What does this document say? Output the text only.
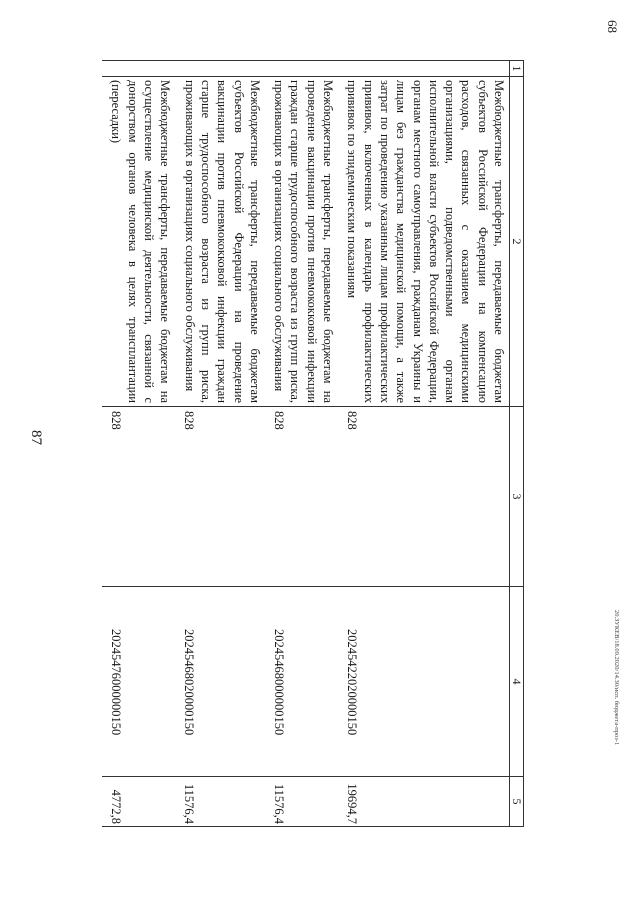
68
20.ЗУКЕВ/18.09.2020/14.30/исп. бюджета-проз-1
1	2	3	4	5
	Межбюджетные трансферты, передаваемые бюджетам субъектов Российской Федерации на компенсацию расходов, связанных с оказанием медицинскими организациями, подведомственными органам исполнительной власти субъектов Российской Федерации, органам местного самоуправления, гражданам Украины и лицам без гражданства медицинской помощи, а также затрат по проведению указанным лицам профилактических прививок, включенных в календарь профилактических прививок по эпидемическим показаниям	828	20245422020000150	19694,7
	Межбюджетные трансферты, передаваемые бюджетам на проведение вакцинации против пневмококковой инфекции граждан старше трудоспособного возраста из групп риска, проживающих в организациях социального обслуживания	828	20245468000000150	11576,4
	Межбюджетные трансферты, передаваемые бюджетам субъектов Российской Федерации на проведение вакцинации против пневмококковой инфекции граждан старше трудоспособного возраста из групп риска, проживающих в организациях социального обслуживания	828	20245468020000150	11576,4
	Межбюджетные трансферты, передаваемые бюджетам на осуществление медицинской деятельности, связанной с донорством органов человека в целях трансплантации (пересадки)	828	20245476000000150	4772,8
87
